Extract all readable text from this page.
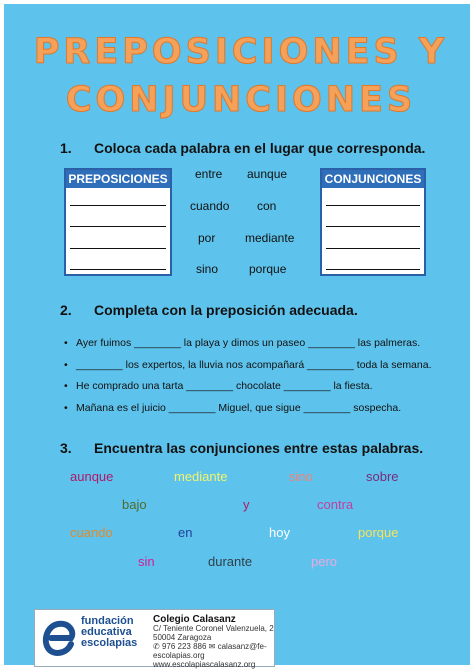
PREPOSICIONES Y
CONJUNCIONES
1. Coloca cada palabra en el lugar que corresponda.
PREPOSICIONES	CONJUNCIONES
entre aunque
cuando con
por mediante
sino	porque
2. Completa con la preposición adecuada.
• Ayer fuimos ________ la playa y dimos un paseo ________ las palmeras.
• ________ los expertos, la lluvia nos acompañará ________ toda la semana.
• He comprado una tarta ________ chocolate ________ la fiesta.
• Mañana es el juicio ________ Miguel, que sigue ________ sospecha.
3. Encuentra las conjunciones entre estas palabras.
aunque	mediante	sino	sobre
bajo	y	contra
cuando	en	hoy	porque
sin	durante	pero
fundación
educativa
escolapias
Colegio Calasanz
C/ Teniente Coronel Valenzuela, 2 50004 Zaragoza
✆ 976 223 886 ✉ calasanz@fe-escolapias.org
www.escolapiascalasanz.org
